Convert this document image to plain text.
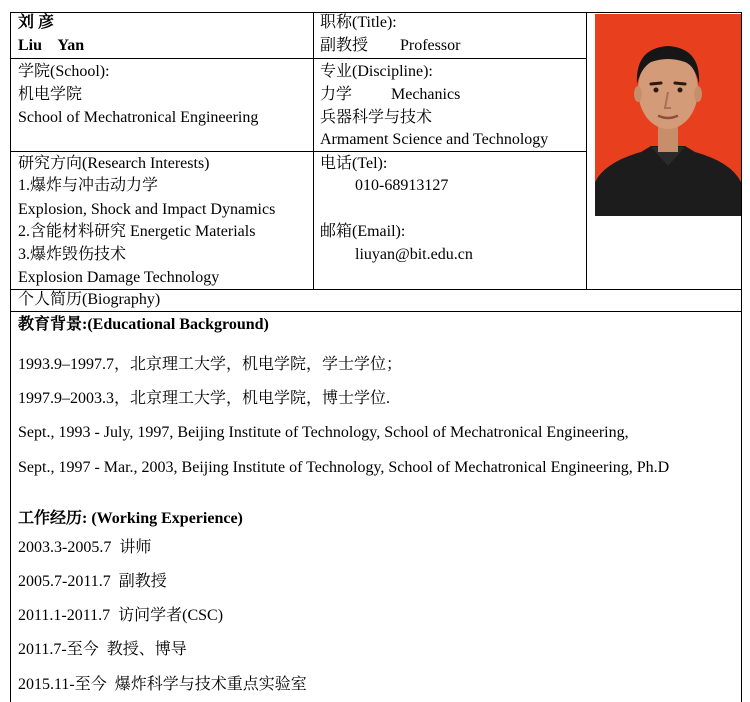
刘 彦
Liu    Yan
职称(Title):
副教授 Professor
学院(School):
机电学院
School of Mechatronical Engineering
专业(Discipline):
力学 Mechanics
兵器科学与技术
Armament Science and Technology
研究方向(Research Interests)
1.爆炸与冲击动力学
Explosion, Shock and Impact Dynamics
2.含能材料研究 Energetic Materials
3.爆炸毁伤技术
Explosion Damage Technology
电话(Tel):
010-68913127
邮箱(Email):
liuyan@bit.edu.cn
个人简历(Biography)
教育背景:(Educational Background)
1993.9–1997.7，北京理工大学，机电学院，学士学位；
1997.9–2003.3，北京理工大学，机电学院，博士学位.
Sept., 1993 - July, 1997, Beijing Institute of Technology, School of Mechatronical Engineering,
Sept., 1997 - Mar., 2003, Beijing Institute of Technology, School of Mechatronical Engineering, Ph.D
工作经历: (Working Experience)
2003.3-2005.7  讲师
2005.7-2011.7  副教授
2011.1-2011.7  访问学者(CSC)
2011.7-至今  教授、博导
2015.11-至今  爆炸科学与技术重点实验室
